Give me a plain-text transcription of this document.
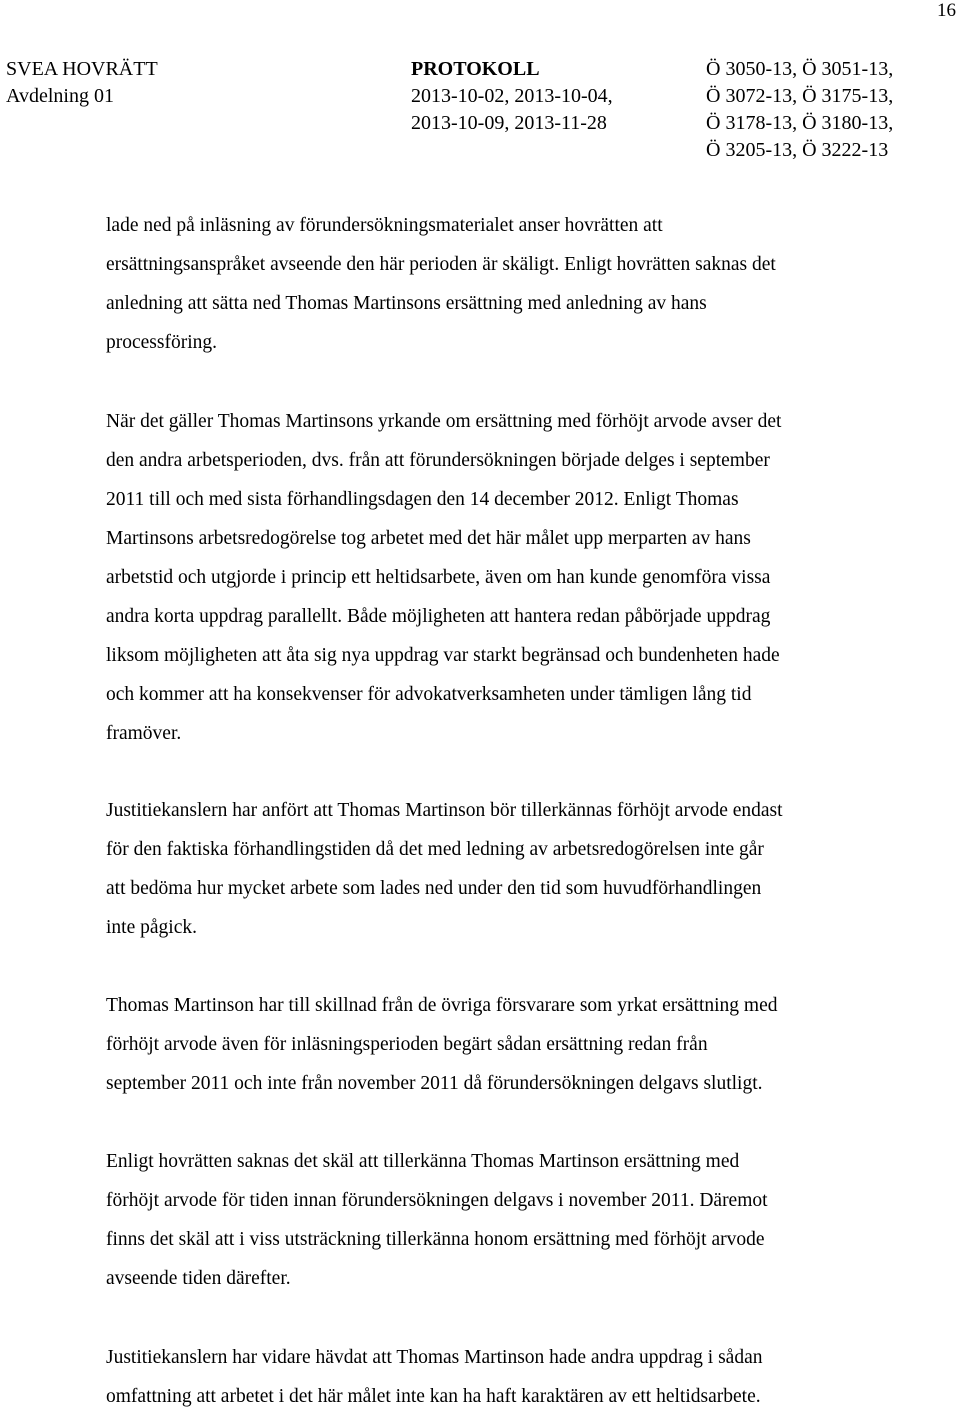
16
SVEA HOVRÄTT
Avdelning 01
PROTOKOLL
2013-10-02, 2013-10-04,
2013-10-09, 2013-11-28
Ö 3050-13, Ö 3051-13,
Ö 3072-13, Ö 3175-13,
Ö 3178-13, Ö 3180-13,
Ö 3205-13, Ö 3222-13

lade ned på inläsning av förundersökningsmaterialet anser hovrätten att
ersättningsanspråket avseende den här perioden är skäligt. Enligt hovrätten saknas det
anledning att sätta ned Thomas Martinsons ersättning med anledning av hans
processföring.

När det gäller Thomas Martinsons yrkande om ersättning med förhöjt arvode avser det
den andra arbetsperioden, dvs. från att förundersökningen började delges i september
2011 till och med sista förhandlingsdagen den 14 december 2012. Enligt Thomas
Martinsons arbetsredogörelse tog arbetet med det här målet upp merparten av hans
arbetstid och utgjorde i princip ett heltidsarbete, även om han kunde genomföra vissa
andra korta uppdrag parallellt. Både möjligheten att hantera redan påbörjade uppdrag
liksom möjligheten att åta sig nya uppdrag var starkt begränsad och bundenheten hade
och kommer att ha konsekvenser för advokatverksamheten under tämligen lång tid
framöver.

Justitiekanslern har anfört att Thomas Martinson bör tillerkännas förhöjt arvode endast
för den faktiska förhandlingstiden då det med ledning av arbetsredogörelsen inte går
att bedöma hur mycket arbete som lades ned under den tid som huvudförhandlingen
inte pågick.

Thomas Martinson har till skillnad från de övriga försvarare som yrkat ersättning med
förhöjt arvode även för inläsningsperioden begärt sådan ersättning redan från
september 2011 och inte från november 2011 då förundersökningen delgavs slutligt.

Enligt hovrätten saknas det skäl att tillerkänna Thomas Martinson ersättning med
förhöjt arvode för tiden innan förundersökningen delgavs i november 2011. Däremot
finns det skäl att i viss utsträckning tillerkänna honom ersättning med förhöjt arvode
avseende tiden därefter.

Justitiekanslern har vidare hävdat att Thomas Martinson hade andra uppdrag i sådan
omfattning att arbetet i det här målet inte kan ha haft karaktären av ett heltidsarbete.
